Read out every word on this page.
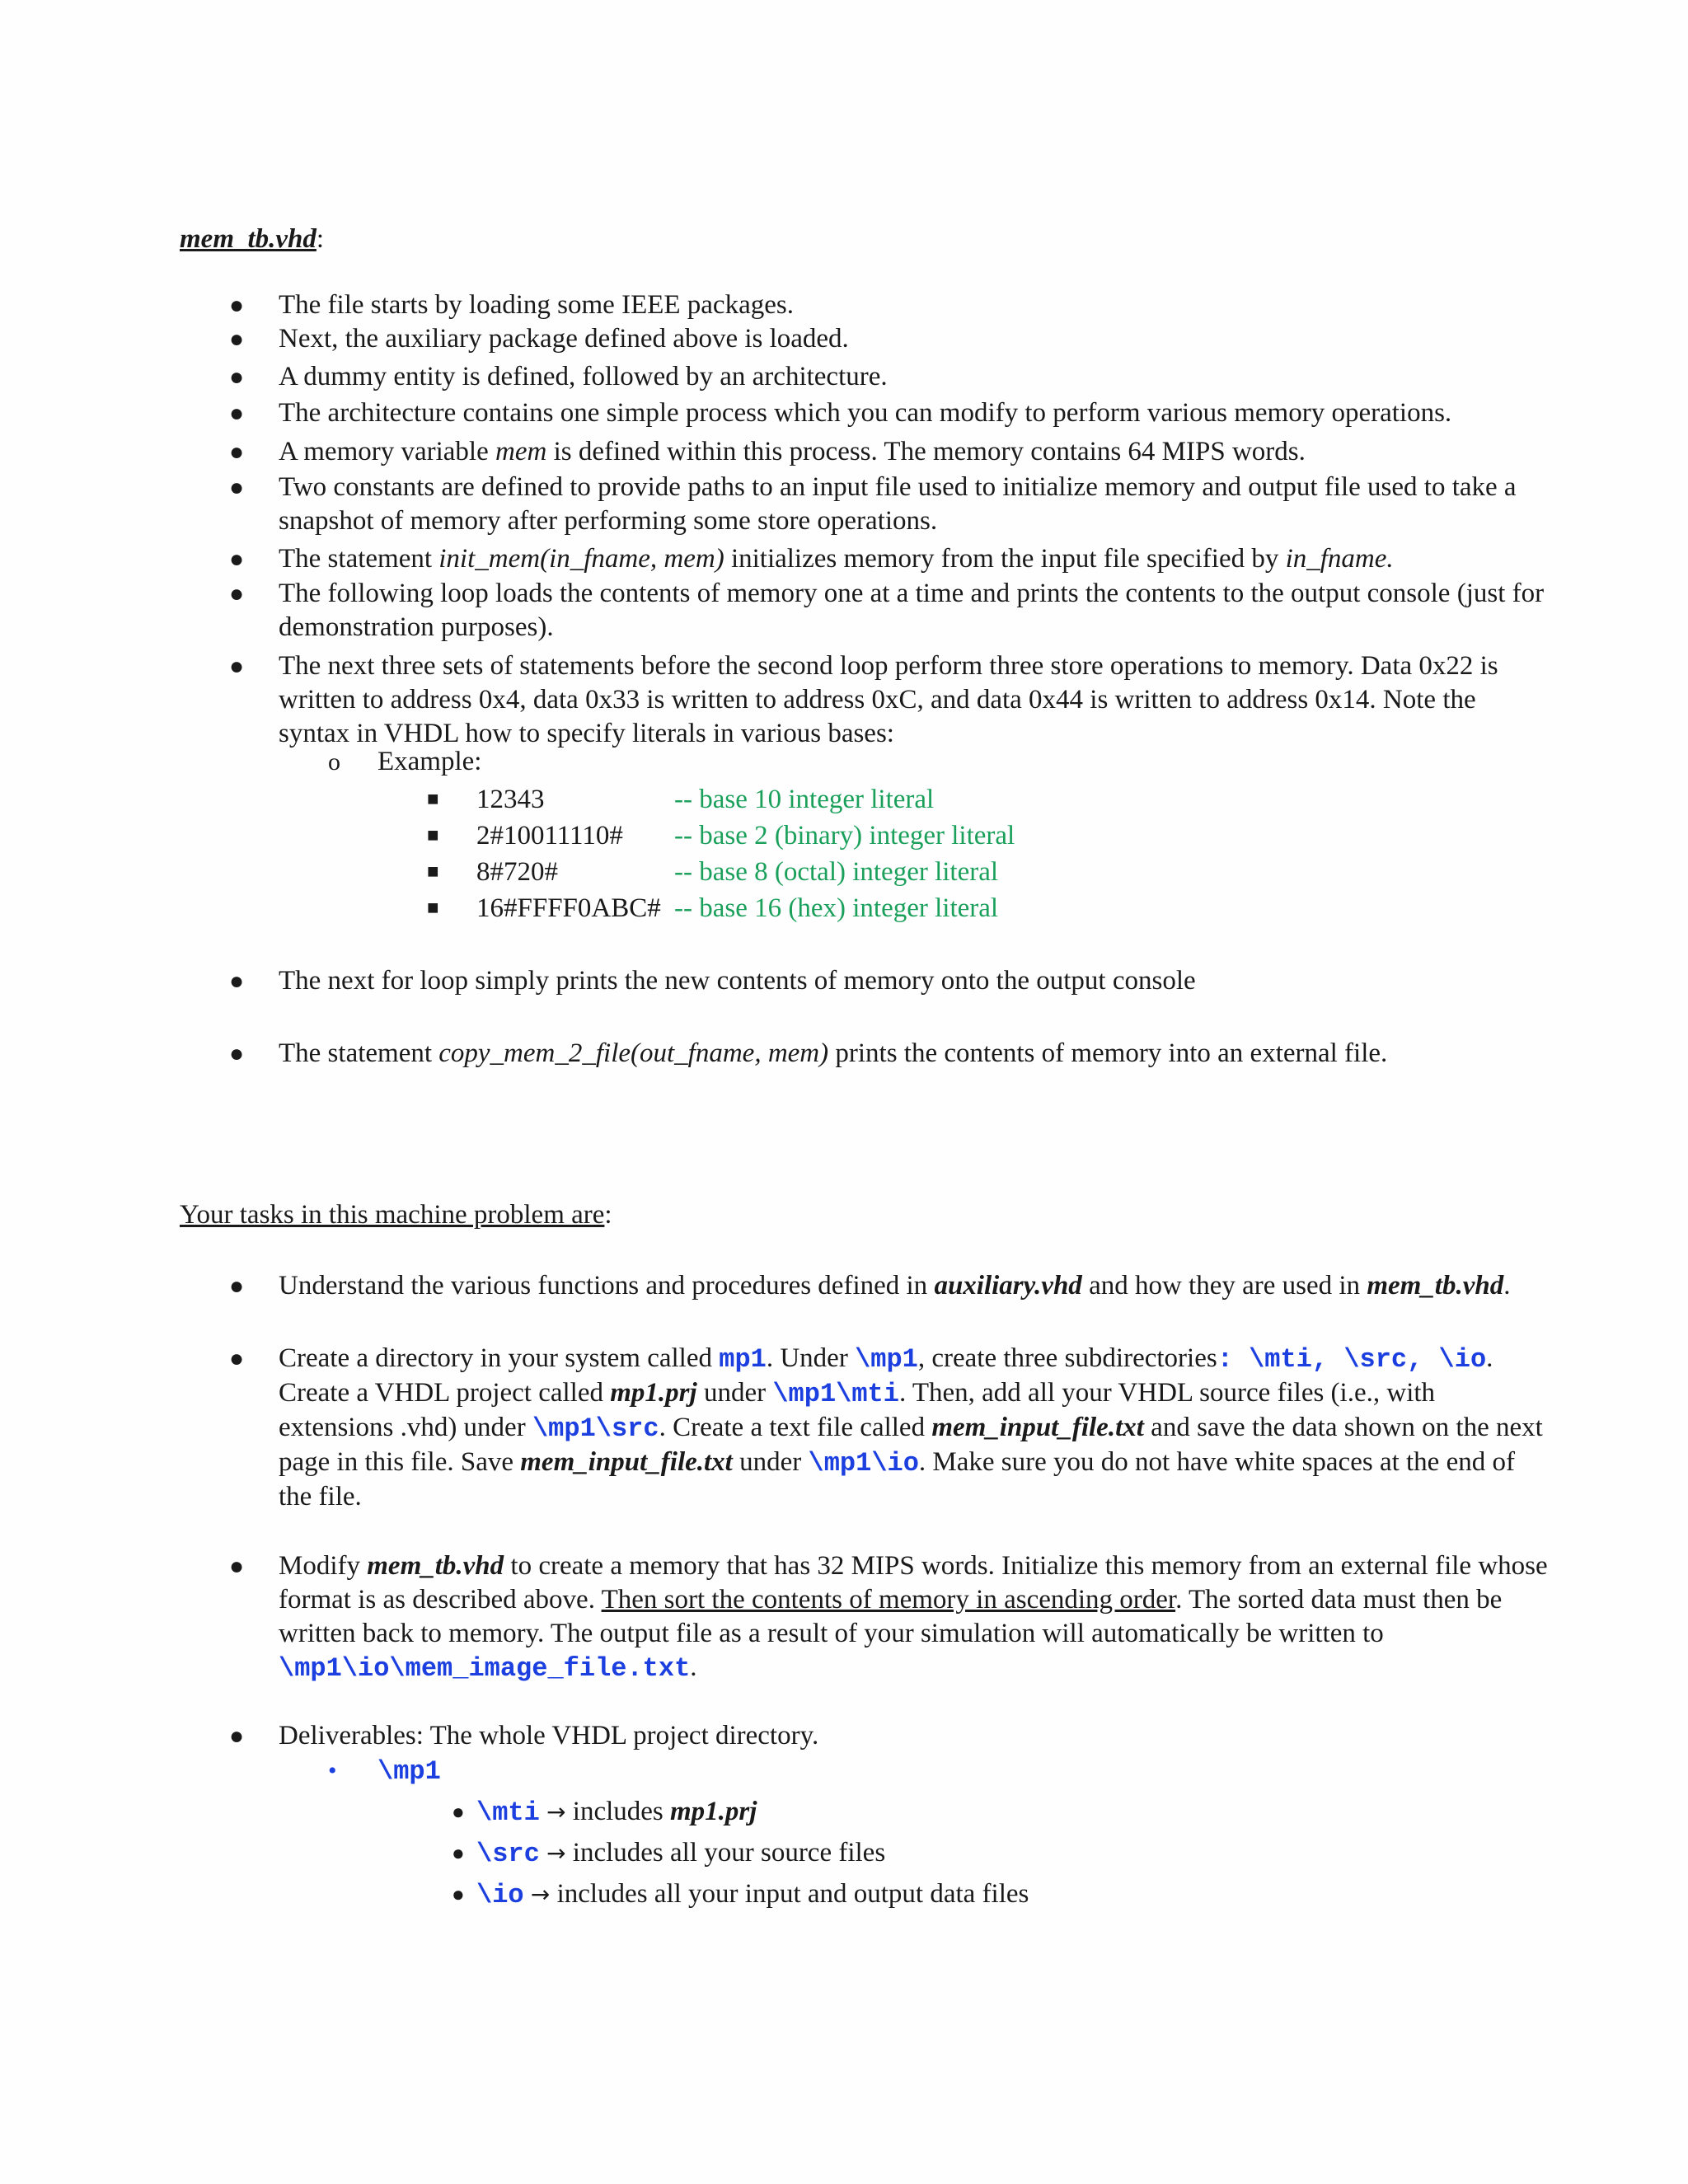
mem_tb.vhd:
● The file starts by loading some IEEE packages.
● Next, the auxiliary package defined above is loaded.
● A dummy entity is defined, followed by an architecture.
● The architecture contains one simple process which you can modify to perform various memory operations.
● A memory variable mem is defined within this process. The memory contains 64 MIPS words.
● Two constants are defined to provide paths to an input file used to initialize memory and output file used to take a snapshot of memory after performing some store operations.
● The statement init_mem(in_fname, mem) initializes memory from the input file specified by in_fname.
● The following loop loads the contents of memory one at a time and prints the contents to the output console (just for demonstration purposes).
● The next three sets of statements before the second loop perform three store operations to memory. Data 0x22 is written to address 0x4, data 0x33 is written to address 0xC, and data 0x44 is written to address 0x14. Note the syntax in VHDL how to specify literals in various bases:
o Example:
■ 12343	-- base 10 integer literal
■ 2#10011110# -- base 2 (binary) integer literal
■ 8#720#	-- base 8 (octal) integer literal
■ 16#FFFF0ABC# -- base 16 (hex) integer literal
● The next for loop simply prints the new contents of memory onto the output console
● The statement copy_mem_2_file(out_fname, mem) prints the contents of memory into an external file.
Your tasks in this machine problem are:
● Understand the various functions and procedures defined in auxiliary.vhd and how they are used in mem_tb.vhd.
● Create a directory in your system called mp1. Under \mp1, create three subdirectories: \mti, \src, \io. Create a VHDL project called mp1.prj under \mp1\mti. Then, add all your VHDL source files (i.e., with extensions .vhd) under \mp1\src. Create a text file called mem_input_file.txt and save the data shown on the next page in this file. Save mem_input_file.txt under \mp1\io. Make sure you do not have white spaces at the end of the file.
● Modify mem_tb.vhd to create a memory that has 32 MIPS words. Initialize this memory from an external file whose format is as described above. Then sort the contents of memory in ascending order. The sorted data must then be written back to memory. The output file as a result of your simulation will automatically be written to \mp1\io\mem_image_file.txt.
● Deliverables: The whole VHDL project directory.
• \mp1
● \mti → includes mp1.prj
● \src → includes all your source files
● \io → includes all your input and output data files
